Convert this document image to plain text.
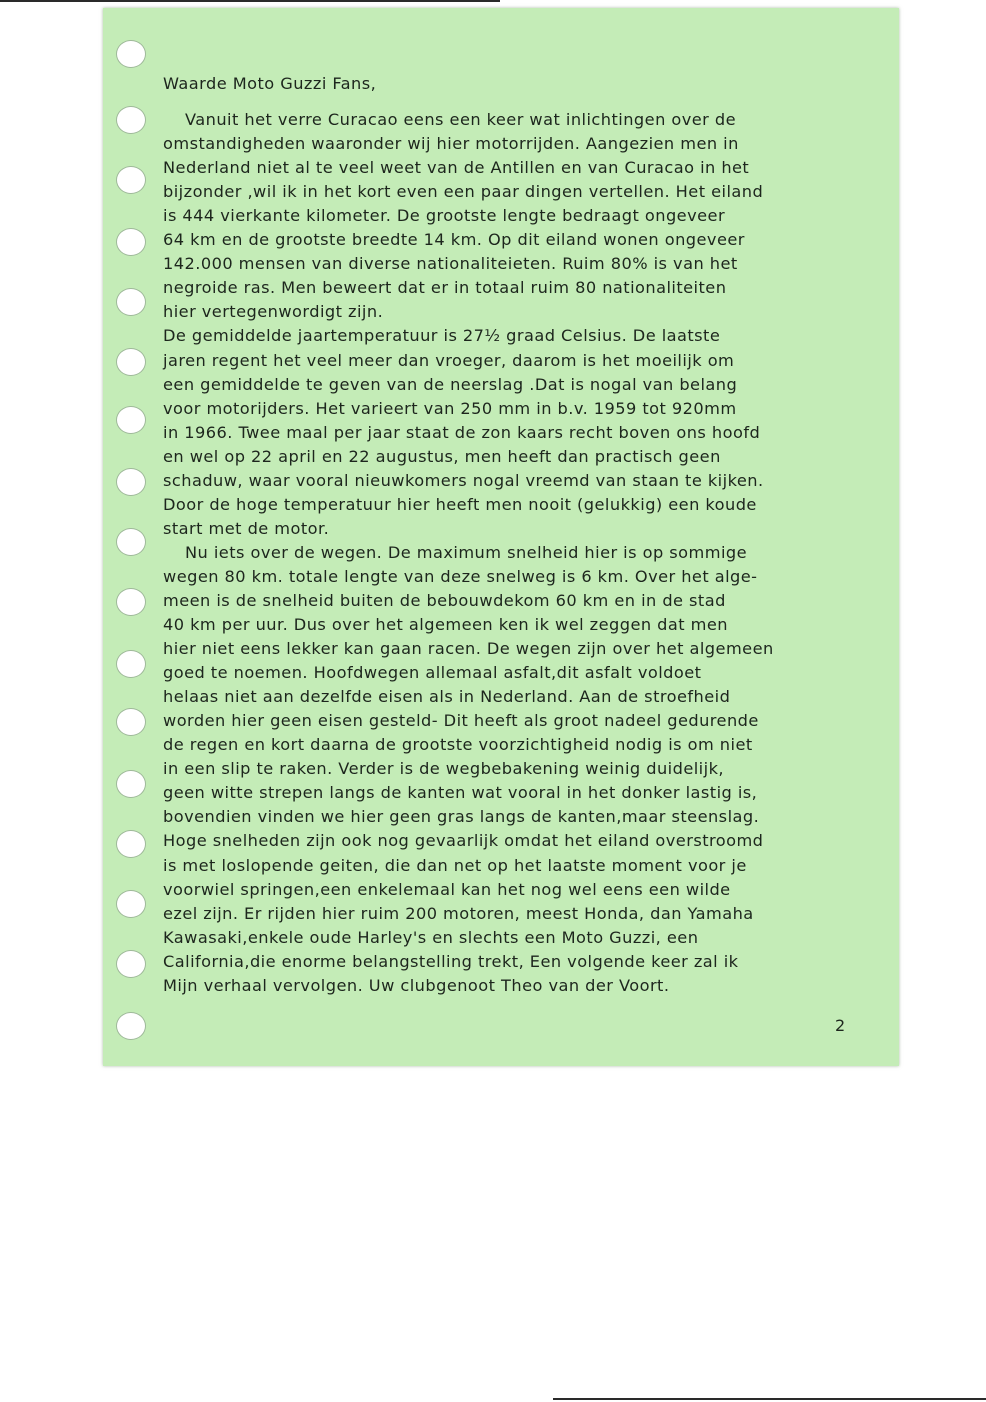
Waarde Moto Guzzi Fans,
Vanuit het verre Curacao eens een keer wat inlichtingen over de
omstandigheden waaronder wij hier motorrijden. Aangezien men in
Nederland niet al te veel weet van de Antillen en van Curacao in het
bijzonder ,wil ik in het kort even een paar dingen vertellen. Het eiland
is 444 vierkante kilometer. De grootste lengte bedraagt ongeveer
64 km en de grootste breedte 14 km. Op dit eiland wonen ongeveer
142.000 mensen van diverse nationaliteieten. Ruim 80% is van het
negroide ras. Men beweert dat er in totaal ruim 80 nationaliteiten
hier vertegenwordigt zijn.
De gemiddelde jaartemperatuur is 27½ graad Celsius. De laatste
jaren regent het veel meer dan vroeger, daarom is het moeilijk om
een gemiddelde te geven van de neerslag .Dat is nogal van belang
voor motorijders. Het varieert van 250 mm in b.v. 1959 tot 920mm
in 1966. Twee maal per jaar staat de zon kaars recht boven ons hoofd
en wel op 22 april en 22 augustus, men heeft dan practisch geen
schaduw, waar vooral nieuwkomers nogal vreemd van staan te kijken.
Door de hoge temperatuur hier heeft men nooit (gelukkig) een koude
start met de motor.
Nu iets over de wegen. De maximum snelheid hier is op sommige
wegen 80 km. totale lengte van deze snelweg is 6 km. Over het alge-
meen is de snelheid buiten de bebouwdekom 60 km en in de stad
40 km per uur. Dus over het algemeen ken ik wel zeggen dat men
hier niet eens lekker kan gaan racen. De wegen zijn over het algemeen
goed te noemen. Hoofdwegen allemaal asfalt,dit asfalt voldoet
helaas niet aan dezelfde eisen als in Nederland. Aan de stroefheid
worden hier geen eisen gesteld- Dit heeft als groot nadeel gedurende
de regen en kort daarna de grootste voorzichtigheid nodig is om niet
in een slip te raken. Verder is de wegbebakening weinig duidelijk,
geen witte strepen langs de kanten wat vooral in het donker lastig is,
bovendien vinden we hier geen gras langs de kanten,maar steenslag.
Hoge snelheden zijn ook nog gevaarlijk omdat het eiland overstroomd
is met loslopende geiten, die dan net op het laatste moment voor je
voorwiel springen,een enkelemaal kan het nog wel eens een wilde
ezel zijn. Er rijden hier ruim 200 motoren, meest Honda, dan Yamaha
Kawasaki,enkele oude Harley's en slechts een Moto Guzzi, een
California,die enorme belangstelling trekt, Een volgende keer zal ik
Mijn verhaal vervolgen. Uw clubgenoot Theo van der Voort.
2
